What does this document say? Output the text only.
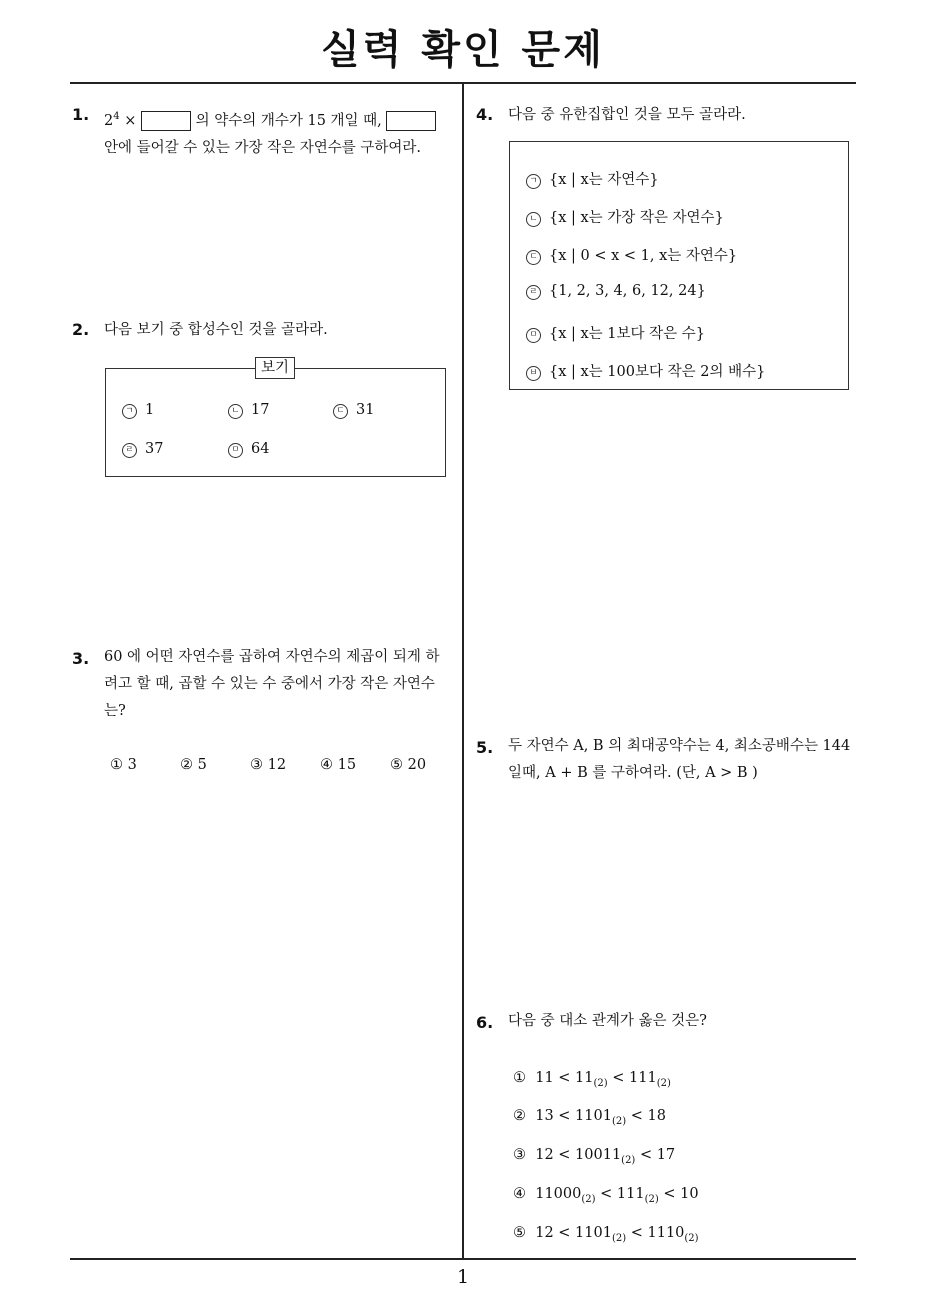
실력 확인 문제
1
1. $2^4$ ×	의 약수의 개수가 15 개일 때,
안에 들어갈 수 있는 가장 작은 자연수를 구하여라.
2. 다음 보기 중 합성수인 것을 골라라.
ㄱ 1	ㄴ 17	ㄷ 31
ㄹ 37	ㅁ 64
보기
3. 60 에 어떤 자연수를 곱하여 자연수의 제곱이 되게 하
려고 할 때, 곱할 수 있는 수 중에서 가장 작은 자연수
는?
① 3	② 5	③ 12 ④ 15 ⑤ 20
4. 다음 중 유한집합인 것을 모두 골라라.
ㄱ {x | x는 자연수}
ㄴ {x | x는 가장 작은 자연수}
ㄷ {x | 0 < x < 1, x는 자연수}
ㄹ {1, 2, 3, 4, 6, 12, 24}
ㅁ {x | x는 1보다 작은 수}
ㅂ {x | x는 100보다 작은 2의 배수}
5. 두 자연수 A, B 의 최대공약수는 4, 최소공배수는 144
일때, A + B 를 구하여라. (단, A > B )
6. 다음 중 대소 관계가 옳은 것은?
① $11 < 11_{(2)} < 111_{(2)}$
② $13 < 1101_{(2)} < 18$
③ $12 < 10011_{(2)} < 17$
④ $11000_{(2)} < 111_{(2)} < 10$
⑤ $12 < 1101_{(2)} < 1110_{(2)}$
